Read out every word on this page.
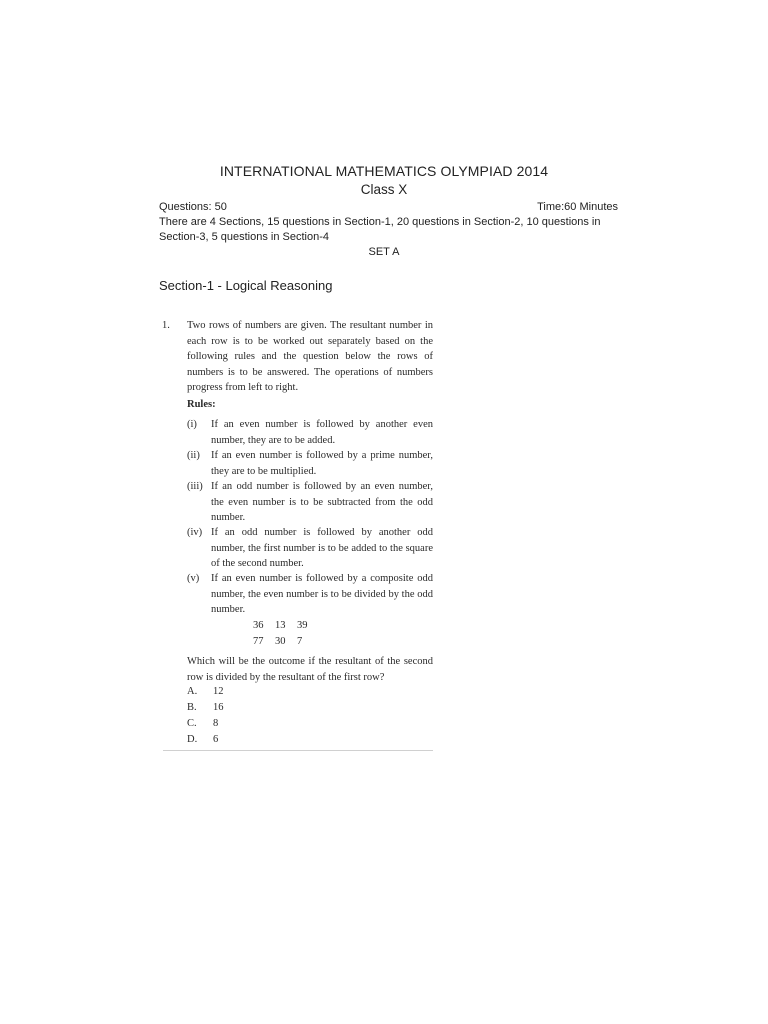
INTERNATIONAL MATHEMATICS OLYMPIAD 2014
Class X
Questions: 50	Time:60 Minutes
There are 4 Sections, 15 questions in Section-1, 20 questions in Section-2, 10 questions in Section-3, 5 questions in Section-4
SET A
Section-1 - Logical Reasoning
1. Two rows of numbers are given. The resultant number in each row is to be worked out separately based on the following rules and the question below the rows of numbers is to be answered. The operations of numbers progress from left to right.
Rules:
(i)	If an even number is followed by another even number, they are to be added.
(ii)	If an even number is followed by a prime number, they are to be multiplied.
(iii) If an odd number is followed by an even number, the even number is to be subtracted from the odd number.
(iv) If an odd number is followed by another odd number, the first number is to be added to the square of the second number.
(v)	If an even number is followed by a composite odd number, the even number is to be divided by the odd number.
36 13 39
77 30 7
Which will be the outcome if the resultant of the second row is divided by the resultant of the first row?
A.	12
B.	16
C.	8
D.	6
